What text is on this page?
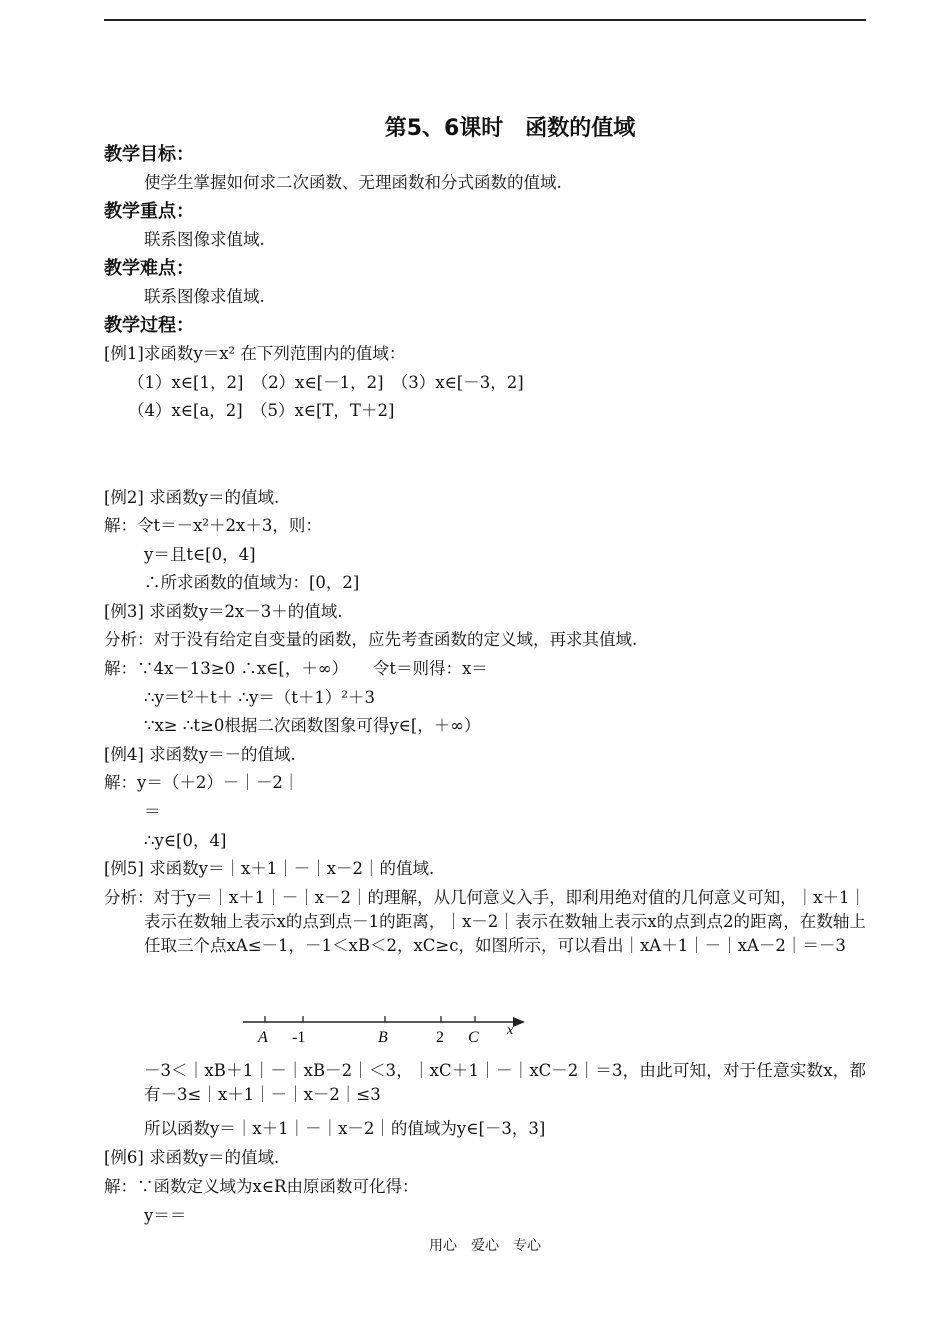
第5、6课时　函数的值域
教学目标：
使学生掌握如何求二次函数、无理函数和分式函数的值域.
教学重点：
联系图像求值域.
教学难点：
联系图像求值域.
教学过程：
[例1]求函数y＝x² 在下列范围内的值域：
（1）x∈[1，2]　（2）x∈[－1，2]　（3）x∈[－3，2]
（4）x∈[a，2]　（5）x∈[T，T＋2]
[例2] 求函数y＝的值域.
解：令t＝－x²＋2x＋3，则：
y＝且t∈[0，4]
∴所求函数的值域为：[0，2]
[例3] 求函数y＝2x－3＋的值域.
分析：对于没有给定自变量的函数，应先考查函数的定义域，再求其值域.
解：∵4x－13≥0 ∴x∈[，＋∞）　　令t＝则得：x＝
∴y＝t²＋t＋ ∴y＝（t＋1）²＋3
∵x≥ ∴t≥0根据二次函数图象可得y∈[，＋∞）
[例4] 求函数y＝－的值域.
解：y＝（＋2）－｜－2｜
＝
∴y∈[0，4]
[例5] 求函数y＝｜x＋1｜－｜x－2｜的值域.
分析：对于y＝｜x＋1｜－｜x－2｜的理解，从几何意义入手，即利用绝对值的几何意义可知，｜x＋1｜表示在数轴上表示x的点到点－1的距离，｜x－2｜表示在数轴上表示x的点到点2的距离，在数轴上任取三个点xA≤－1，－1＜xB＜2，xC≥c，如图所示，可以看出｜xA＋1｜－｜xA－2｜＝－3
A -1	B	2 C x
－3＜｜xB＋1｜－｜xB－2｜＜3，｜xC＋1｜－｜xC－2｜＝3，由此可知，对于任意实数x，都有－3≤｜x＋1｜－｜x－2｜≤3
所以函数y＝｜x＋1｜－｜x－2｜的值域为y∈[－3，3]
[例6] 求函数y＝的值域.
解：∵函数定义域为x∈R由原函数可化得：
y＝＝
用心　爱心　专心
